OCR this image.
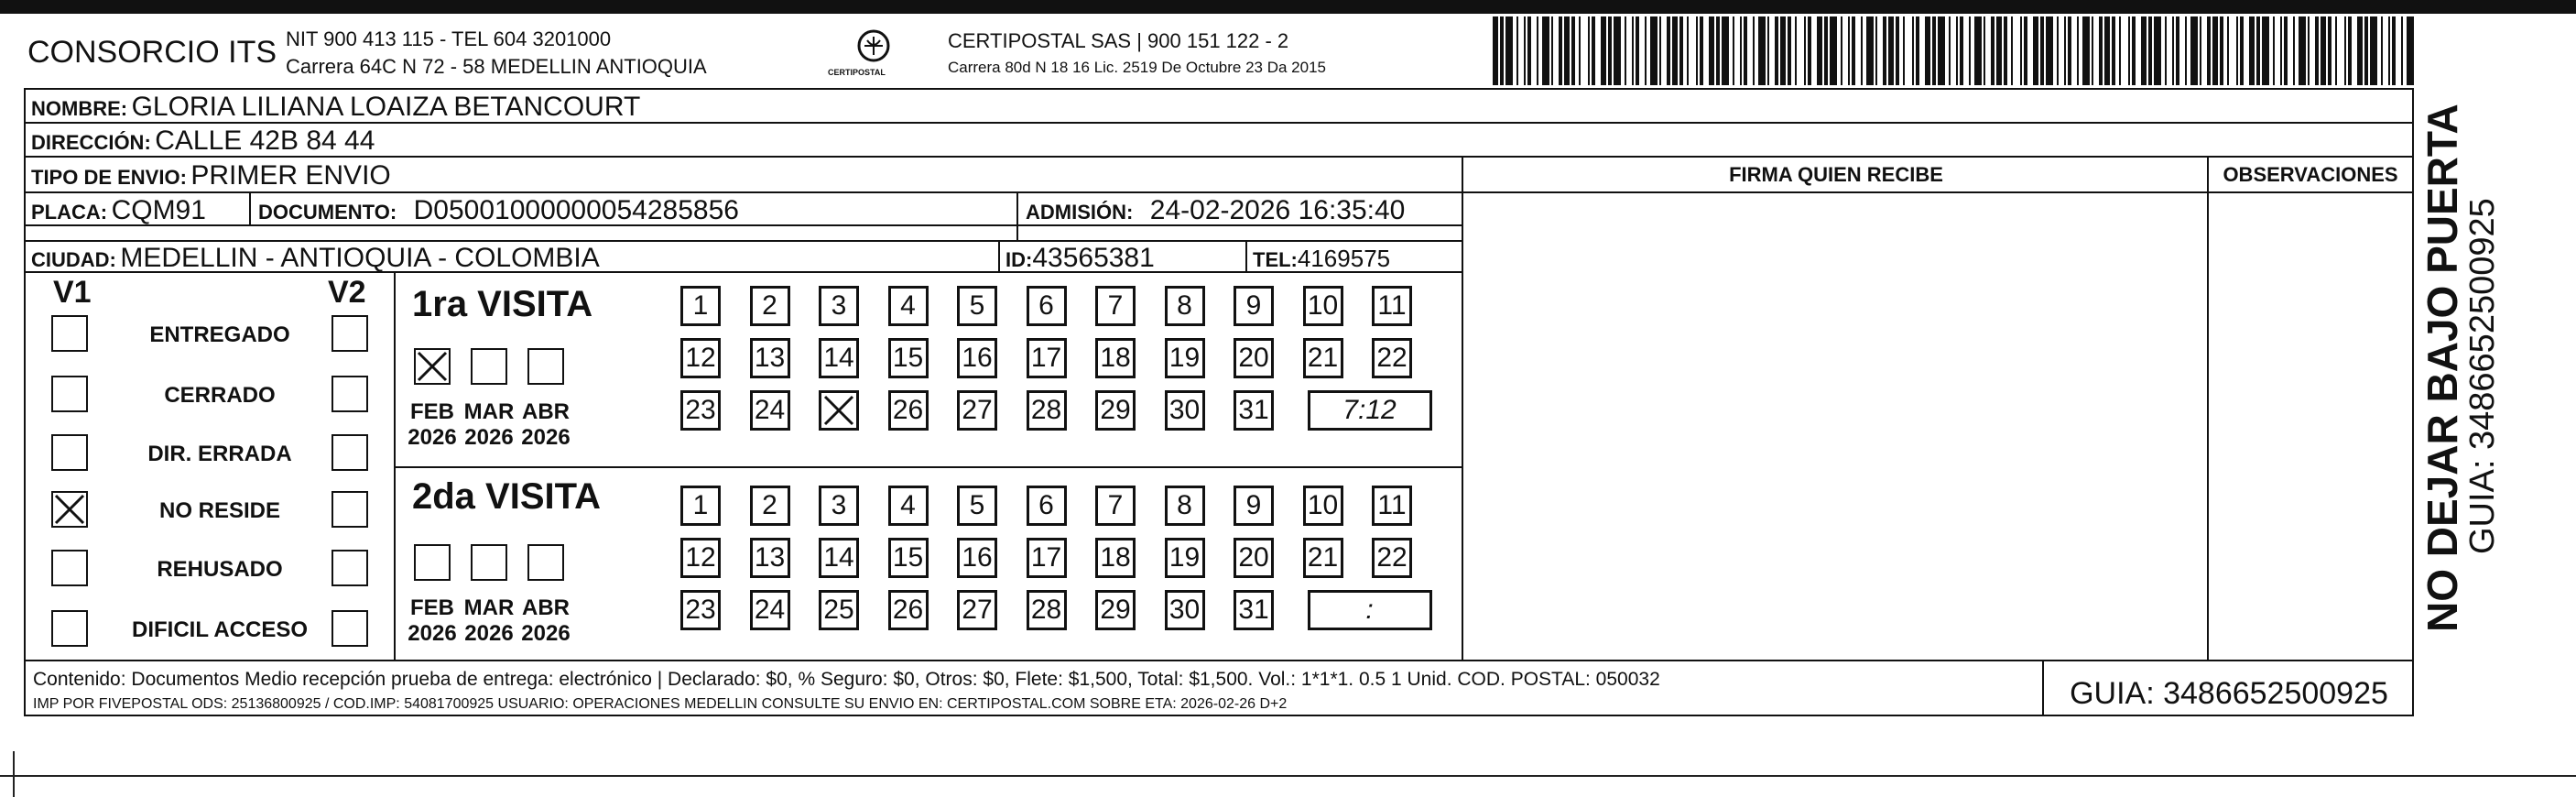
CONSORCIO ITS NIT 900 413 115 - TEL 604 3201000
Carrera 64C N 72 - 58 MEDELLIN ANTIOQUIA	CERTIPOSTAL
CERTIPOSTAL SAS | 900 151 122 - 2
Carrera 80d N 18 16 Lic. 2519 De Octubre 23 Da 2015
NOMBRE: GLORIA LILIANA LOAIZA BETANCOURT
DIRECCIÓN: CALLE 42B 84 44
TIPO DE ENVIO: PRIMER ENVIO
PLACA: CQM91	DOCUMENTO: D05001000000054285856	ADMISIÓN: 24-02-2026 16:35:40
CIUDAD: MEDELLIN - ANTIOQUIA - COLOMBIA	ID:43565381	TEL:4169575
FIRMA QUIEN RECIBE	OBSERVACIONES
V1	V2 1ra VISITA
2da VISITA
Contenido: Documentos Medio recepción prueba de entrega: electrónico | Declarado: $0, % Seguro: $0, Otros: $0, Flete: $1,500, Total: $1,500. Vol.: 1*1*1. 0.5 1 Unid. COD. POSTAL: 050032
IMP POR FIVEPOSTAL ODS: 25136800925 / COD.IMP: 54081700925 USUARIO: OPERACIONES MEDELLIN CONSULTE SU ENVIO EN: CERTIPOSTAL.COM SOBRE ETA: 2026-02-26 D+2	GUIA: 3486652500925
NO DEJAR BAJO PUERTA
GUIA: 3486652500925
ENTREGADO
CERRADO
DIR. ERRADA
NO RESIDE
REHUSADO
DIFICIL ACCESO
FEB
2026
MAR
2026
ABR
2026
FEB
2026
MAR
2026
ABR
2026
1	2	3	4	5	6	7	8	9	10 11
12 13 14 15 16 17 18 19 20 21 22
23 24	26 27 28 29 30 31	7:12
1	2	3	4	5	6	7	8	9	10 11
12 13 14 15 16 17 18 19 20 21 22
23 24 25 26 27 28 29 30 31	:
